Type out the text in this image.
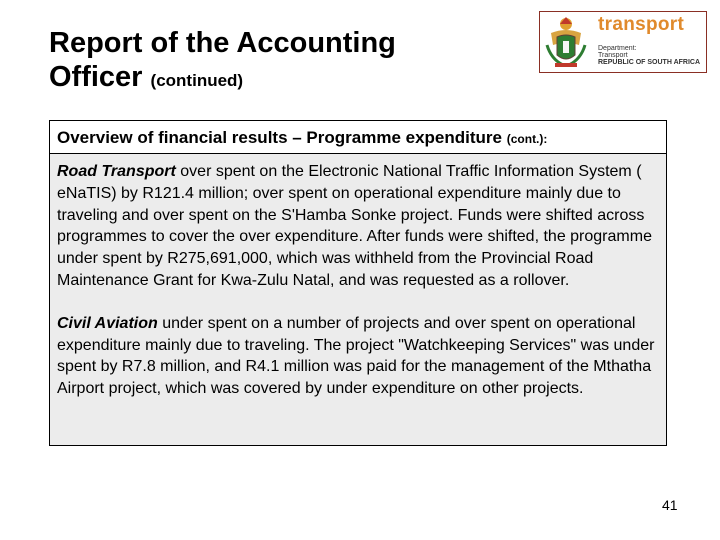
Report of the Accounting
Officer (continued)
transport
Department:
Transport
REPUBLIC OF SOUTH AFRICA
Overview of financial results – Programme expenditure (cont.):

Road Transport over spent on the Electronic National Traffic Information System ( eNaTIS) by R121.4 million; over spent on operational expenditure mainly due to traveling and over spent on the S'Hamba Sonke project. Funds were shifted across programmes to cover the over expenditure. After funds were shifted, the programme under spent by R275,691,000, which was withheld from the Provincial Road Maintenance Grant for Kwa-Zulu Natal, and was requested as a rollover.

Civil Aviation under spent on a number of projects and over spent on operational expenditure mainly due to traveling. The project "Watchkeeping Services" was under spent by R7.8 million, and R4.1 million was paid for the management of the Mthatha Airport project, which was covered by under expenditure on other projects.

41
